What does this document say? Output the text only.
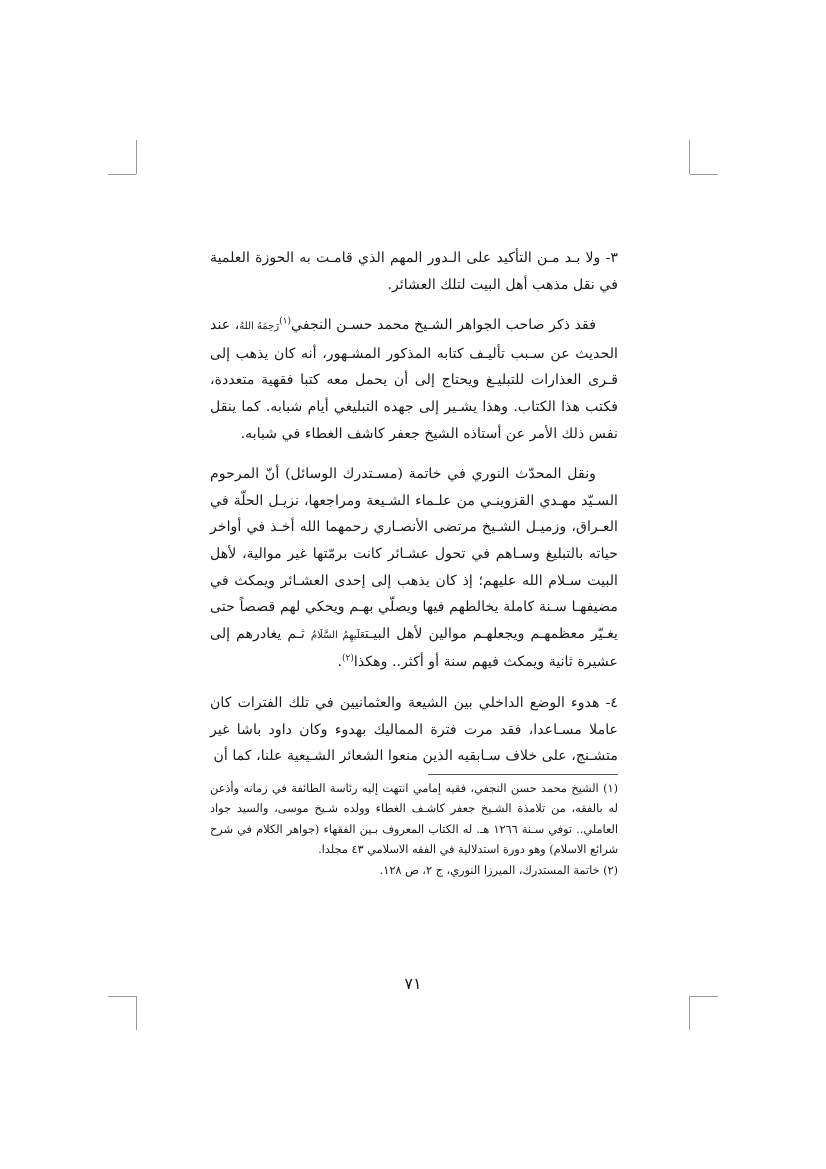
٣- ولا بـد مـن التأكيد على الـدور المهم الذي قامـت به الحوزة العلمية في نقل مذهب أهل البيت لتلك العشائر.

فقد ذكر صاحب الجواهر الشـيخ محمد حسـن النجفي$^{(١)}$رَحِمَهُ اللهُ، عند الحديث عن سـبب تأليـف كتابه المذكور المشـهور، أنه كان يذهب إلى قـرى العذارات للتبليـغ ويحتاج إلى أن يحمل معه كتبا فقهية متعددة، فكتب هذا الكتاب. وهذا يشـير إلى جهده التبليغي أيام شبابه. كما ينقل نفس ذلك الأمر عن أستاذه الشيخ جعفر كاشف الغطاء في شبابه.

ونقل المحدّث النوري في خاتمة (مسـتدرك الوسائل) أنّ المرحوم السـيّد مهـدي القزوينـي من علـماء الشـيعة ومراجعها، نزيـل الحلّة في العـراق، وزميـل الشـيخ مرتضى الأنصـاري رحمهما الله أخـذ في أواخر حياته بالتبليغ وسـاهم في تحول عشـائر كانت برمّتها غير موالية، لأهل البيت سـلام الله عليهم؛ إذ كان يذهب إلى إحدى العشـائر ويمكث في مضيفهـا سـنة كاملة يخالطهم فيها ويصلّي بهـم ويحكي لهم قصصاً حتى يغـيّر معظمهـم ويجعلهـم موالين لأهل البيـتعَلَيهِمُ السَّلَامُ ثـم يغادرهم إلى عشيرة ثانية ويمكث فيهم سنة أو أكثر.. وهكذا$^{(٢)}$.

٤- هدوء الوضع الداخلي بين الشيعة والعثمانيين في تلك الفترات كان عاملا مسـاعدا، فقد مرت فترة المماليك بهدوء وكان داود باشا غير متشـنج، على خلاف سـابقيه الذين منعوا الشعائر الشـيعية علنا، كما أن

(١) الشيخ محمد حسن النجفي، فقيه إمامي انتهت إليه رئاسة الطائفة في زمانه وأذعن له بالفقه، من تلامذة الشـيخ جعفر كاشـف الغطاء وولده شـيخ موسى، والسيد جواد العاملي.. توفي سـنة ١٢٦٦ هـ. له الكتاب المعروف بـين الفقهاء (جواهر الكلام في شرح شرائع الاسلام) وهو دورة استدلالية في الفقه الاسلامي ٤٣ مجلدا.

(٢) خاتمة المستدرك، الميرزا النوري، ج ٢، ص ١٢٨.

٧١
